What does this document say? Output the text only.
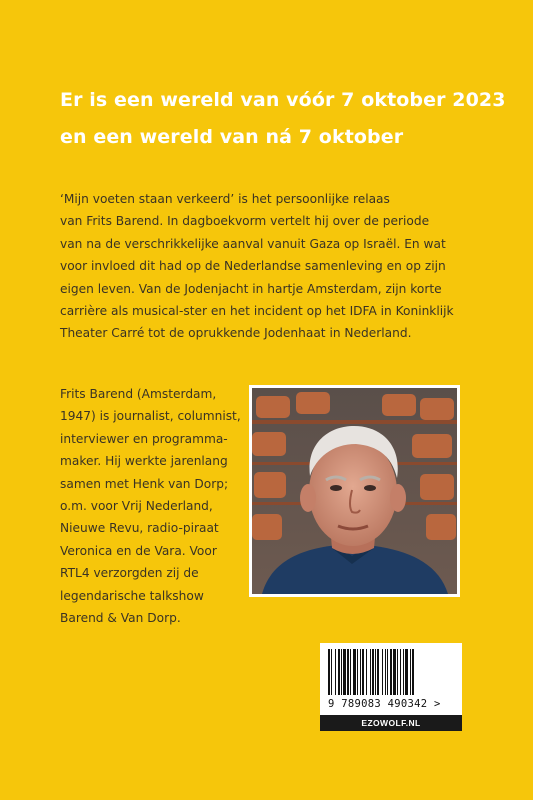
Er is een wereld van vóór 7 oktober 2023
en een wereld van ná 7 oktober
‘Mijn voeten staan verkeerd’ is het persoonlijke relaas
van Frits Barend. In dagboekvorm vertelt hij over de periode
van na de verschrikkelijke aanval vanuit Gaza op Israël. En wat
voor invloed dit had op de Nederlandse samenleving en op zijn
eigen leven. Van de Jodenjacht in hartje Amsterdam, zijn korte
carrière als musical-ster en het incident op het IDFA in Koninklijk
Theater Carré tot de oprukkende Jodenhaat in Nederland.
Frits Barend (Amsterdam,
1947) is journalist, columnist,
interviewer en programma-
maker. Hij werkte jarenlang
samen met Henk van Dorp;
o.m. voor Vrij Nederland,
Nieuwe Revu, radio-piraat
Veronica en de Vara. Voor
RTL4 verzorgden zij de
legendarische talkshow
Barend & Van Dorp.
9 789083 490342 >
EZOWOLF.NL
